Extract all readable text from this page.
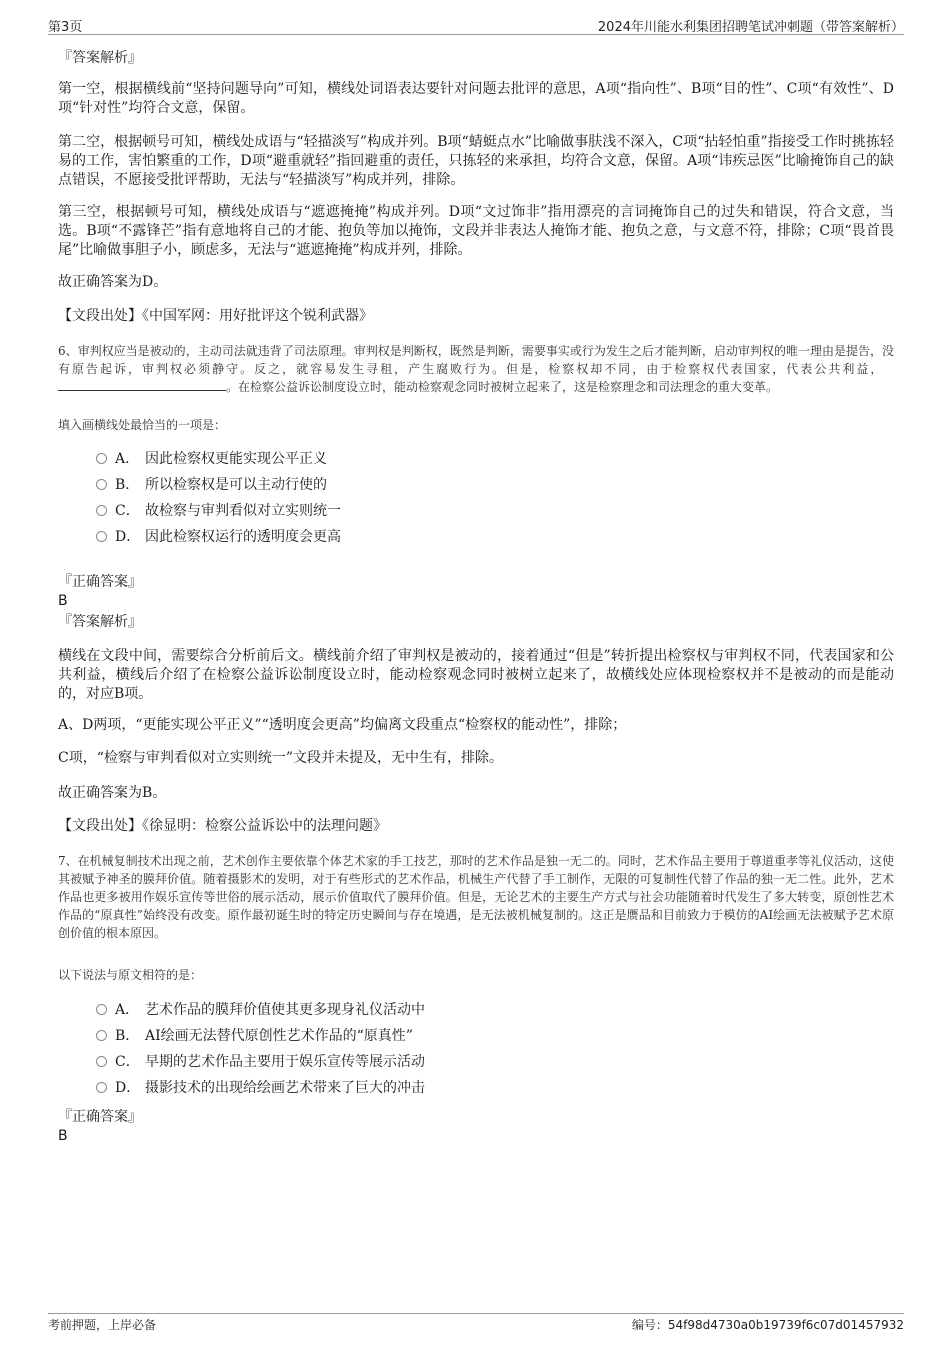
第3页	2024年川能水利集团招聘笔试冲刺题（带答案解析）
『答案解析』
第一空，根据横线前“坚持问题导向”可知，横线处词语表达要针对问题去批评的意思，A项“指向性”、B项“目的性”、C项“有效性”、D项“针对性”均符合文意，保留。
第二空，根据顿号可知，横线处成语与“轻描淡写”构成并列。B项“蜻蜓点水”比喻做事肤浅不深入，C项“拈轻怕重”指接受工作时挑拣轻易的工作，害怕繁重的工作，D项“避重就轻”指回避重的责任，只拣轻的来承担，均符合文意，保留。A项“讳疾忌医”比喻掩饰自己的缺点错误，不愿接受批评帮助，无法与“轻描淡写”构成并列，排除。
第三空，根据顿号可知，横线处成语与“遮遮掩掩”构成并列。D项“文过饰非”指用漂亮的言词掩饰自己的过失和错误，符合文意，当选。B项“不露锋芒”指有意地将自己的才能、抱负等加以掩饰，文段并非表达人掩饰才能、抱负之意，与文意不符，排除；C项“畏首畏尾”比喻做事胆子小，顾虑多，无法与“遮遮掩掩”构成并列，排除。
故正确答案为D。
【文段出处】《中国军网：用好批评这个锐利武器》
6、审判权应当是被动的，主动司法就违背了司法原理。审判权是判断权，既然是判断，需要事实或行为发生之后才能判断，启动审判权的唯一理由是提告，没有原告起诉，审判权必须静守。反之，就容易发生寻租，产生腐败行为。但是，检察权却不同，由于检察权代表国家，代表公共利益，  。在检察公益诉讼制度设立时，能动检察观念同时被树立起来了，这是检察理念和司法理念的重大变革。
填入画横线处最恰当的一项是：
A． 因此检察权更能实现公平正义
B． 所以检察权是可以主动行使的
C． 故检察与审判看似对立实则统一
D． 因此检察权运行的透明度会更高
『正确答案』
B
『答案解析』
横线在文段中间，需要综合分析前后文。横线前介绍了审判权是被动的，接着通过“但是”转折提出检察权与审判权不同，代表国家和公共利益，横线后介绍了在检察公益诉讼制度设立时，能动检察观念同时被树立起来了，故横线处应体现检察权并不是被动的而是能动的，对应B项。
A、D两项，“更能实现公平正义”“透明度会更高”均偏离文段重点“检察权的能动性”，排除；
C项，“检察与审判看似对立实则统一”文段并未提及，无中生有，排除。
故正确答案为B。
【文段出处】《徐显明：检察公益诉讼中的法理问题》
7、在机械复制技术出现之前，艺术创作主要依靠个体艺术家的手工技艺，那时的艺术作品是独一无二的。同时，艺术作品主要用于尊道重孝等礼仪活动，这使其被赋予神圣的膜拜价值。随着摄影术的发明，对于有些形式的艺术作品，机械生产代替了手工制作，无限的可复制性代替了作品的独一无二性。此外，艺术作品也更多被用作娱乐宣传等世俗的展示活动，展示价值取代了膜拜价值。但是，无论艺术的主要生产方式与社会功能随着时代发生了多大转变，原创性艺术作品的“原真性”始终没有改变。原作最初诞生时的特定历史瞬间与存在境遇，是无法被机械复制的。这正是赝品和目前致力于模仿的AI绘画无法被赋予艺术原创价值的根本原因。
以下说法与原文相符的是：
A． 艺术作品的膜拜价值使其更多现身礼仪活动中
B． AI绘画无法替代原创性艺术作品的“原真性”
C． 早期的艺术作品主要用于娱乐宣传等展示活动
D． 摄影技术的出现给绘画艺术带来了巨大的冲击
『正确答案』
B
考前押题，上岸必备	编号：54f98d4730a0b19739f6c07d01457932
